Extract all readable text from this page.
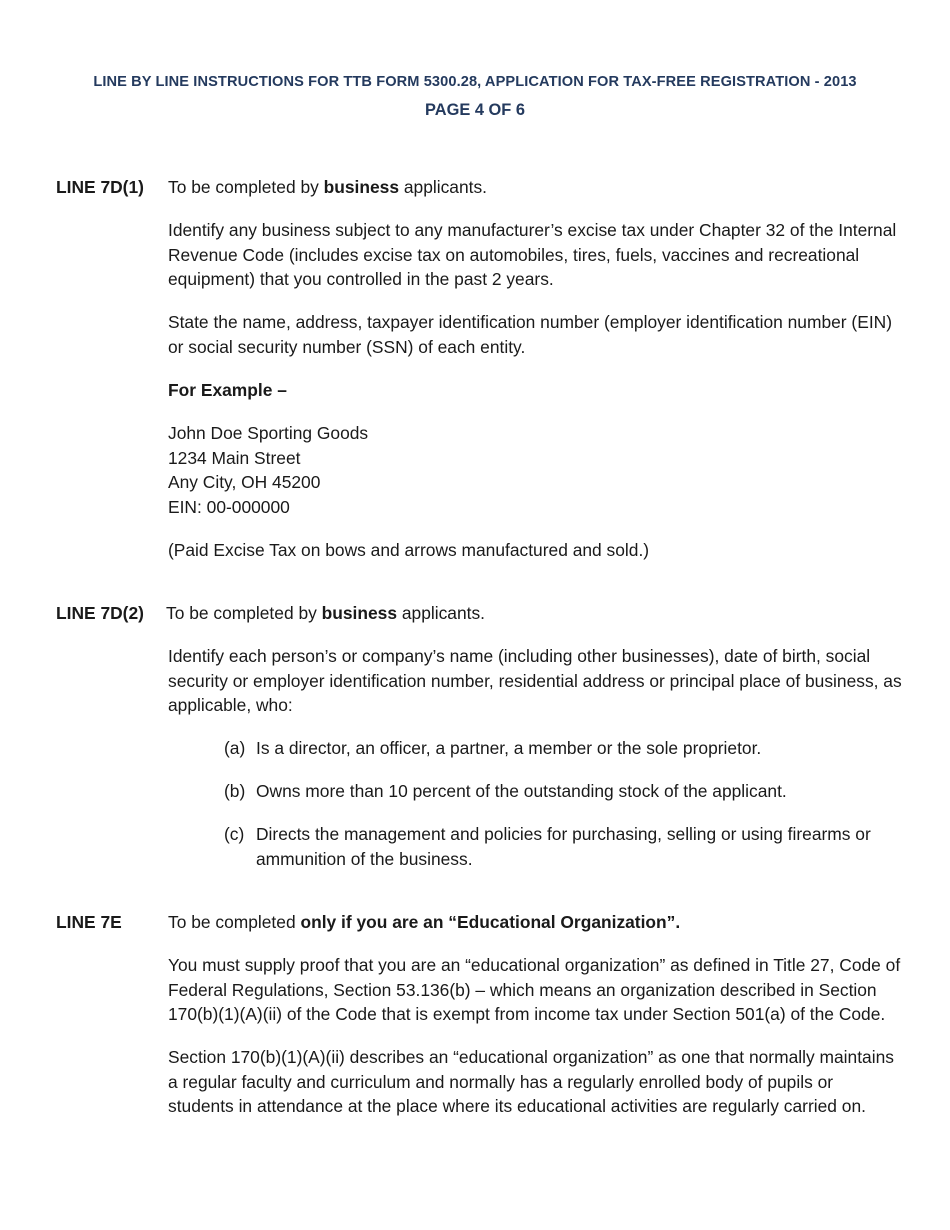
LINE BY LINE INSTRUCTIONS FOR TTB FORM 5300.28, APPLICATION FOR TAX-FREE REGISTRATION - 2013
PAGE 4 OF 6
LINE 7D(1) To be completed by business applicants.

Identify any business subject to any manufacturer’s excise tax under Chapter 32 of the Internal Revenue Code (includes excise tax on automobiles, tires, fuels, vaccines and recreational equipment) that you controlled in the past 2 years.

State the name, address, taxpayer identification number (employer identification number (EIN) or social security number (SSN) of each entity.

For Example –

John Doe Sporting Goods
1234 Main Street
Any City, OH 45200
EIN: 00-000000

(Paid Excise Tax on bows and arrows manufactured and sold.)

LINE 7D(2) To be completed by business applicants.

Identify each person’s or company’s name (including other businesses), date of birth, social security or employer identification number, residential address or principal place of business, as applicable, who:

(a) Is a director, an officer, a partner, a member or the sole proprietor.
(b) Owns more than 10 percent of the outstanding stock of the applicant.
(c) Directs the management and policies for purchasing, selling or using firearms or ammunition of the business.
LINE 7E	To be completed only if you are an “Educational Organization”.

You must supply proof that you are an “educational organization” as defined in Title 27, Code of Federal Regulations, Section 53.136(b) – which means an organization described in Section 170(b)(1)(A)(ii) of the Code that is exempt from income tax under Section 501(a) of the Code.

Section 170(b)(1)(A)(ii) describes an “educational organization” as one that normally maintains a regular faculty and curriculum and normally has a regularly enrolled body of pupils or students in attendance at the place where its educational activities are regularly carried on.
